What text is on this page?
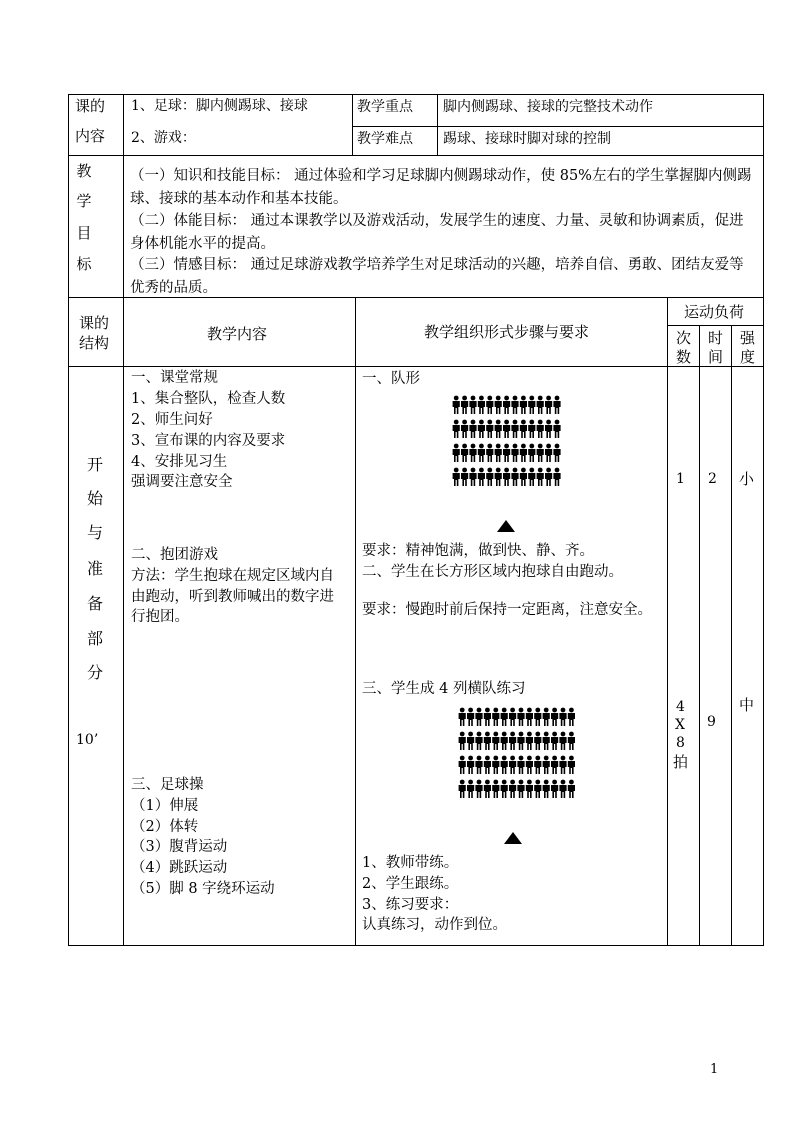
课的
内容
1、足球：脚内侧踢球、接球
2、游戏：
教学重点 脚内侧踢球、接球的完整技术动作
教学难点 踢球、接球时脚对球的控制
教
学
目
标
（一）知识和技能目标： 通过体验和学习足球脚内侧踢球动作，使 85%左右的学生掌握脚内侧踢球、接球的基本动作和基本技能。
（二）体能目标： 通过本课教学以及游戏活动，发展学生的速度、力量、灵敏和协调素质，促进身体机能水平的提高。
（三）情感目标： 通过足球游戏教学培养学生对足球活动的兴趣，培养自信、勇敢、团结友爱等优秀的品质。
课的
结构	教学内容	教学组织形式步骤与要求
运动负荷
次
数
时
间
强
度
开
始
与
准
备
部
分
10’
一、课堂常规
1、集合整队，检查人数
2、师生问好
3、宣布课的内容及要求
4、安排见习生
强调要注意安全
二、抱团游戏
方法：学生抱球在规定区域内自由跑动，听到教师喊出的数字进行抱团。
三、足球操
（1）伸展
（2）体转
（3）腹背运动
（4）跳跃运动
（5）脚 8 字绕环运动
一、队形
要求：精神饱满，做到快、静、齐。
二、学生在长方形区域内抱球自由跑动。
要求：慢跑时前后保持一定距离，注意安全。
三、学生成 4 列横队练习
1、教师带练。
2、学生跟练。
3、练习要求：
认真练习，动作到位。
1 2 小
4
X
8
拍
9
中
1
